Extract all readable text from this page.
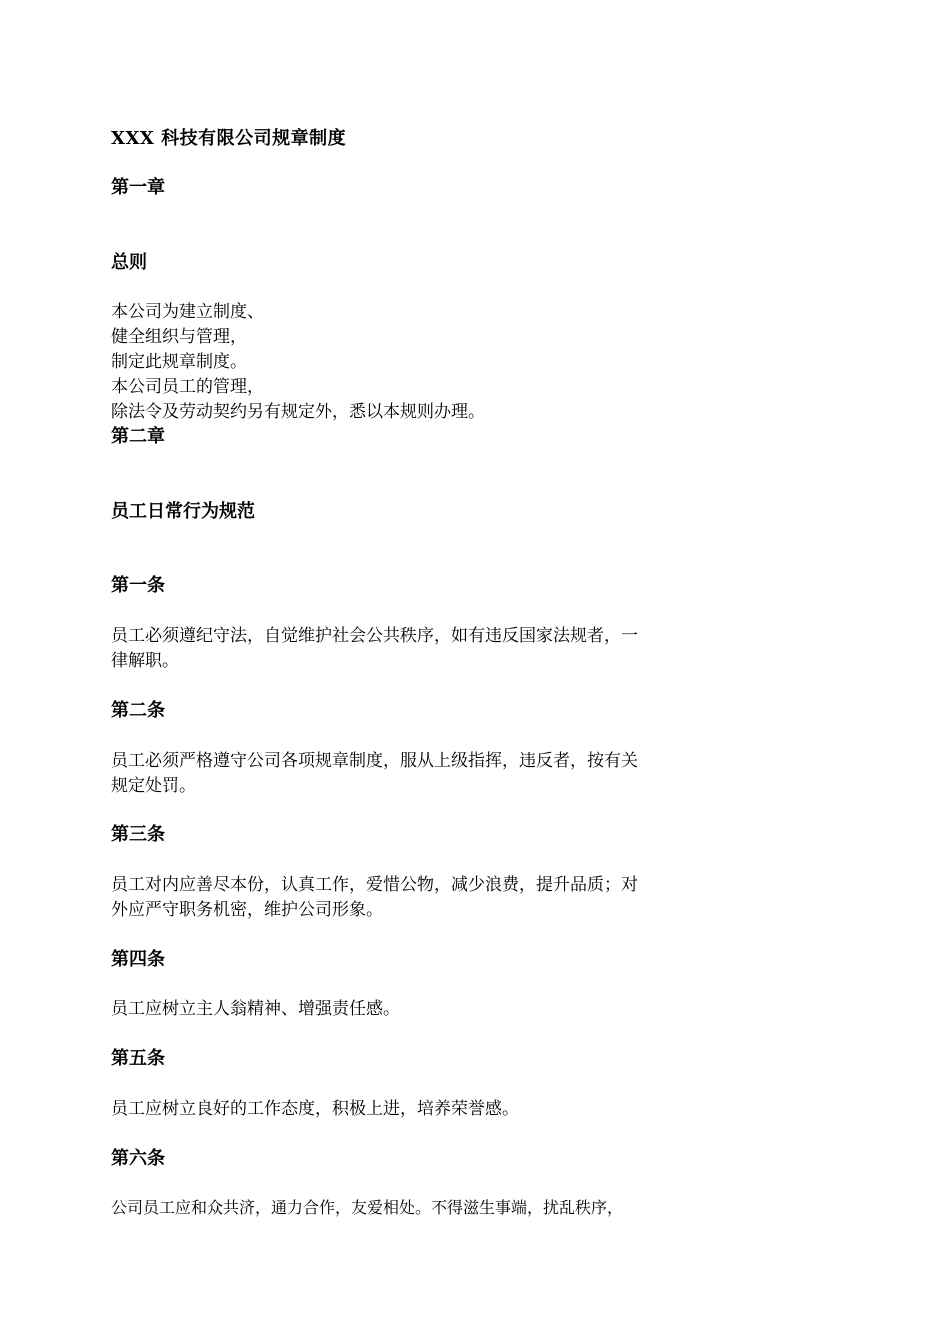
XXX 科技有限公司规章制度
第一章
总则
本公司为建立制度、
健全组织与管理，
制定此规章制度。
本公司员工的管理，
除法令及劳动契约另有规定外，悉以本规则办理。
第二章
员工日常行为规范
第一条
员工必须遵纪守法，自觉维护社会公共秩序，如有违反国家法规者，一
律解职。
第二条
员工必须严格遵守公司各项规章制度，服从上级指挥，违反者，按有关
规定处罚。
第三条
员工对内应善尽本份，认真工作，爱惜公物，减少浪费，提升品质；对
外应严守职务机密，维护公司形象。
第四条
员工应树立主人翁精神、增强责任感。
第五条
员工应树立良好的工作态度，积极上进，培养荣誉感。
第六条
公司员工应和众共济，通力合作，友爱相处。不得滋生事端，扰乱秩序，
